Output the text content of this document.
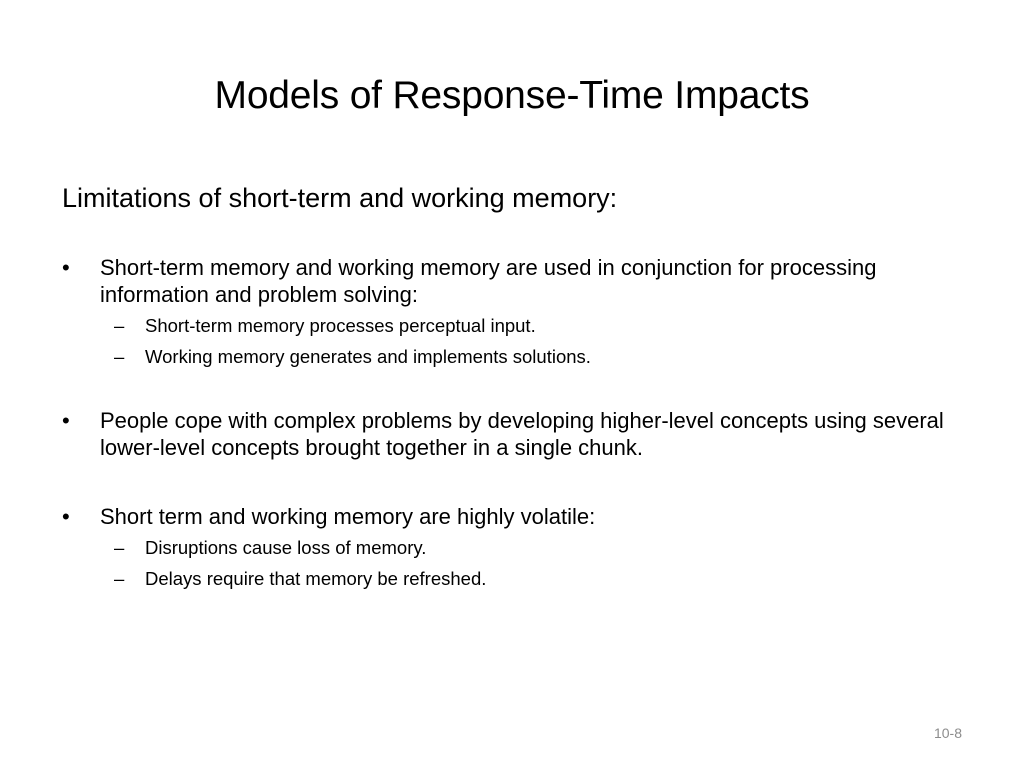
Models of Response-Time Impacts

Limitations of short-term and working memory:

•	Short-term memory and working memory are used in conjunction for processing information and problem solving:
– Short-term memory processes perceptual input.
– Working memory generates and implements solutions.
•	People cope with complex problems by developing higher-level concepts using several lower-level concepts brought together in a single chunk.
•	Short term and working memory are highly volatile:
– Disruptions cause loss of memory.
– Delays require that memory be refreshed.
10-8
